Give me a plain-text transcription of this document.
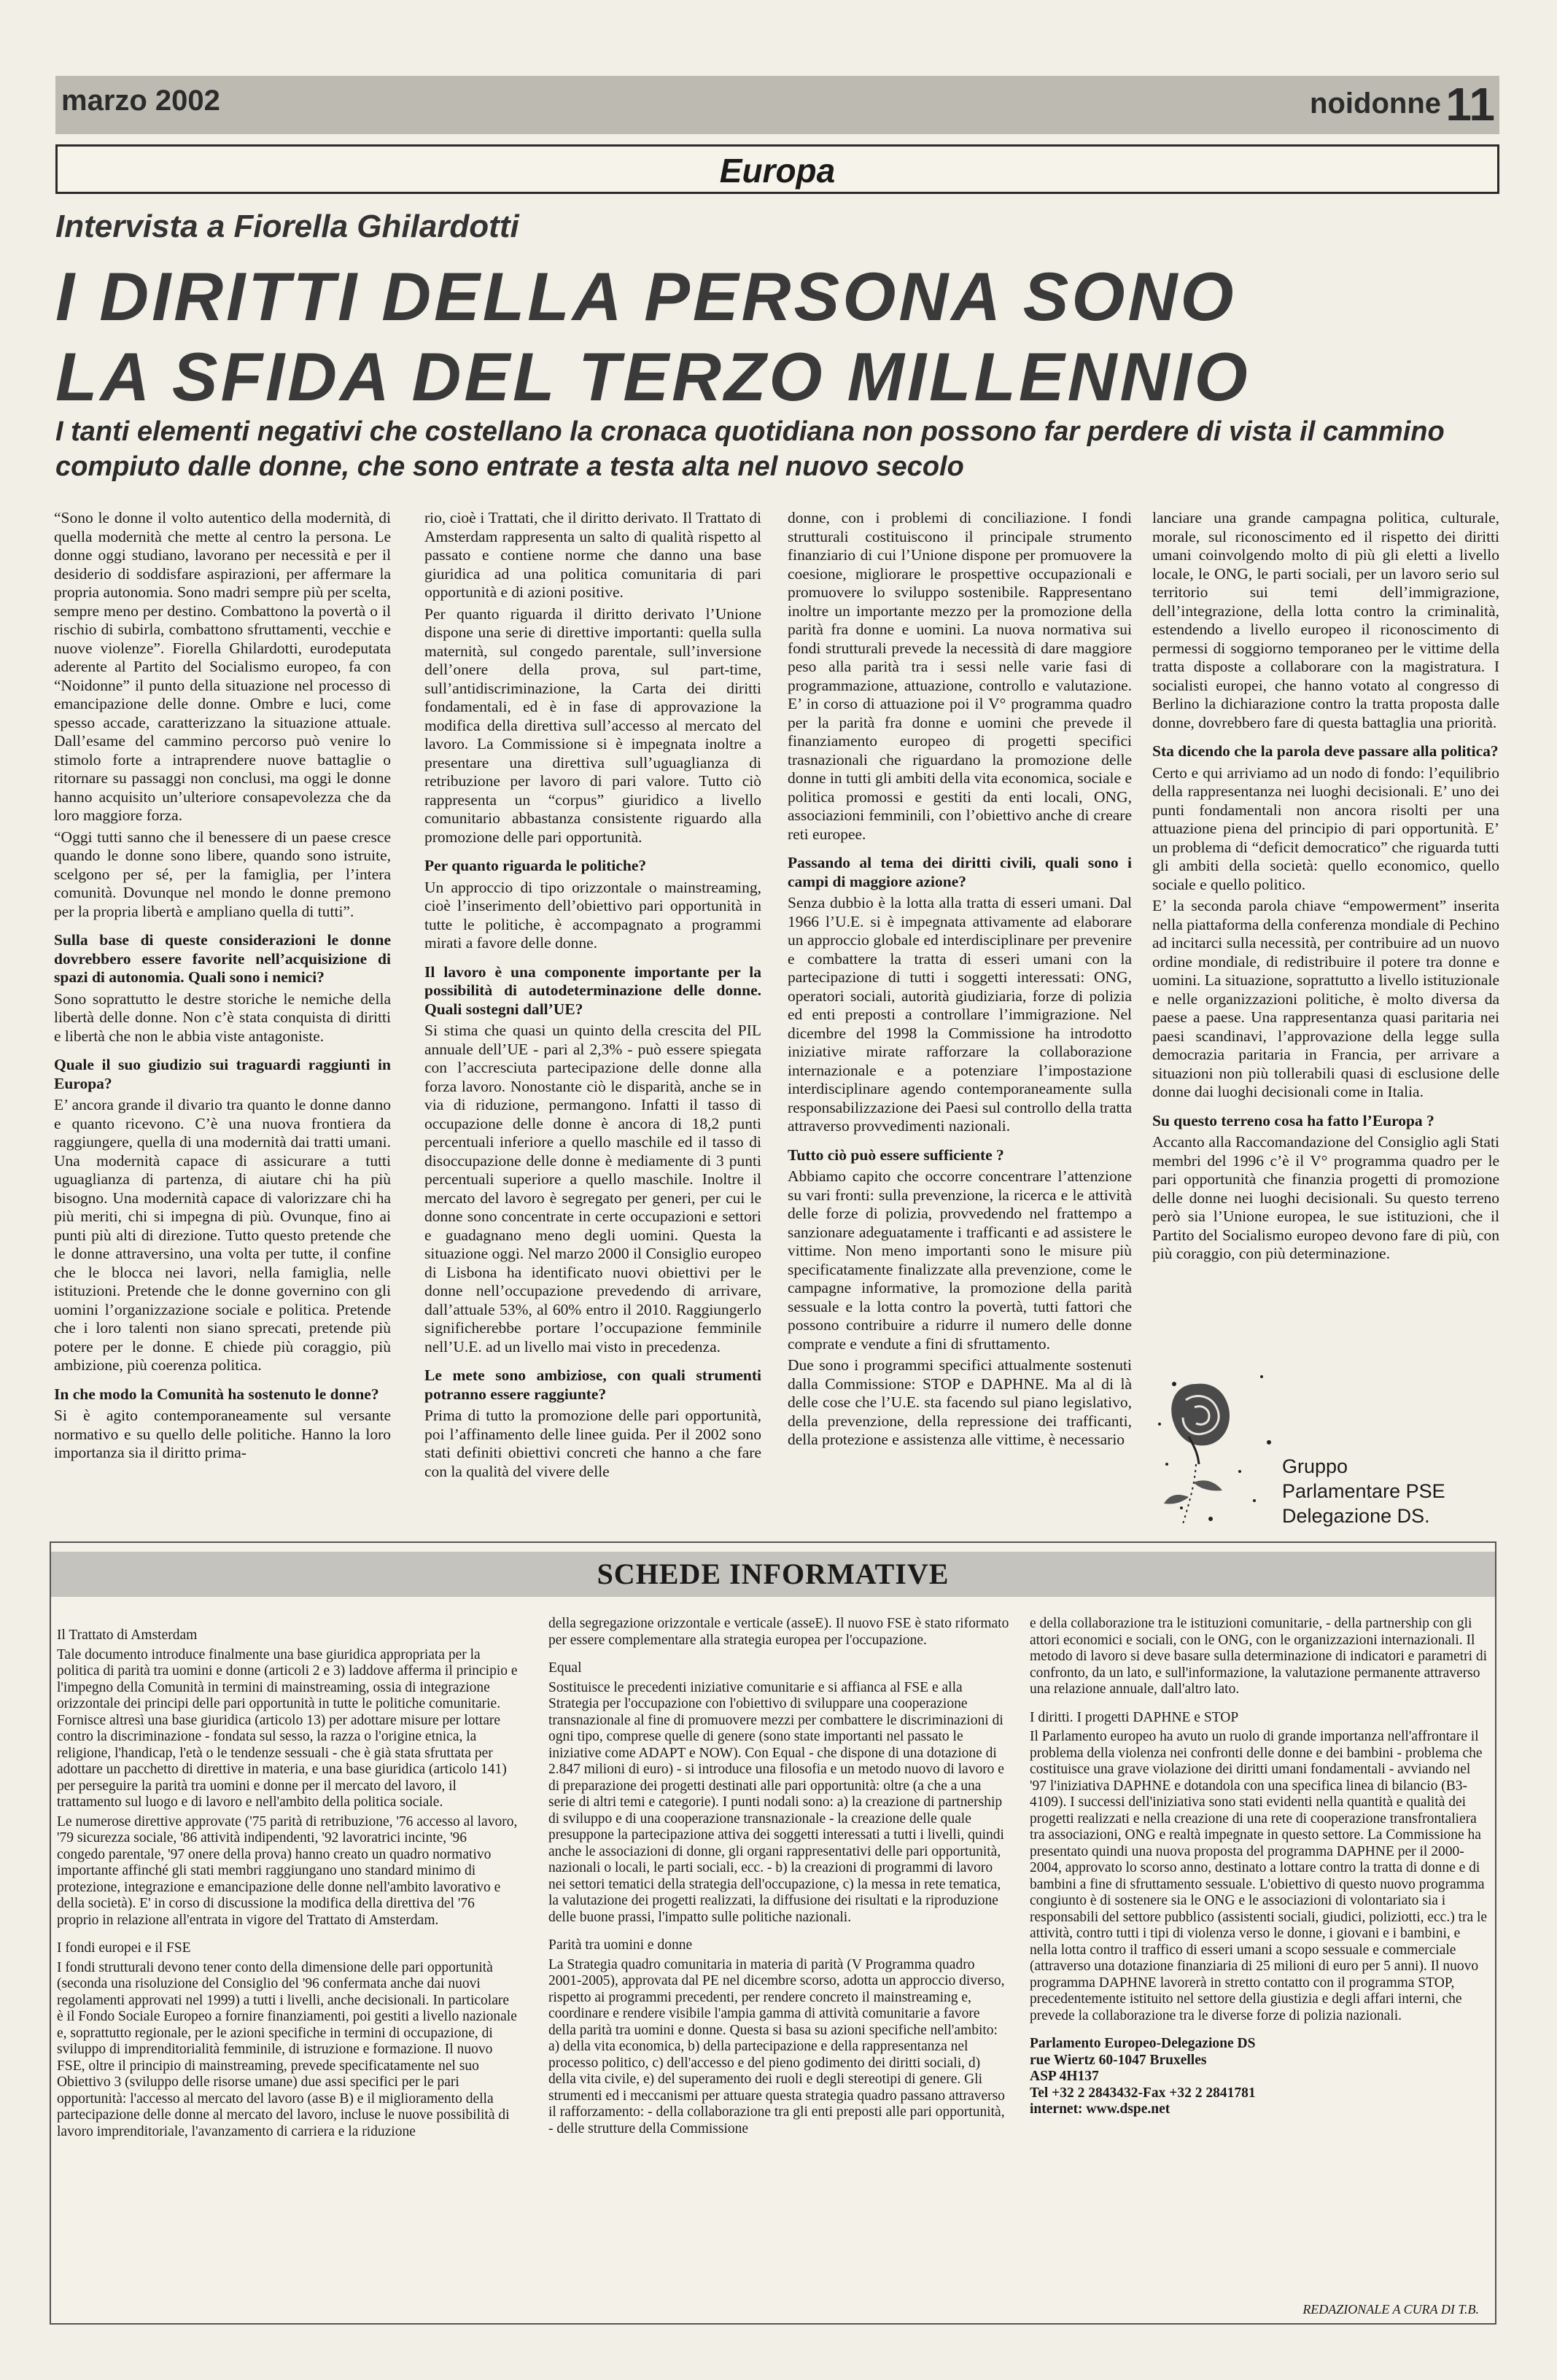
marzo 2002	noidonne 11
Europa
Intervista a Fiorella Ghilardotti
I DIRITTI DELLA PERSONA SONO
LA SFIDA DEL TERZO MILLENNIO
I tanti elementi negativi che costellano la cronaca quotidiana non possono far perdere di vista il cammino compiuto dalle donne, che sono entrate a testa alta nel nuovo secolo

“Sono le donne il volto autentico della modernità, di quella modernità che mette al centro la persona. Le donne oggi studiano, lavorano per necessità e per il desiderio di soddisfare aspirazioni, per affermare la propria autonomia. Sono madri sempre più per scelta, sempre meno per destino. Combattono la povertà o il rischio di subirla, combattono sfruttamenti, vecchie e nuove violenze”. Fiorella Ghilardotti, eurodeputata aderente al Partito del Socialismo europeo, fa con “Noidonne” il punto della situazione nel processo di emancipazione delle donne. Ombre e luci, come spesso accade, caratterizzano la situazione attuale. Dall’esame del cammino percorso può venire lo stimolo forte a intraprendere nuove battaglie o ritornare su passaggi non conclusi, ma oggi le donne hanno acquisito un’ulteriore consapevolezza che da loro maggiore forza.

“Oggi tutti sanno che il benessere di un paese cresce quando le donne sono libere, quando sono istruite, scelgono per sé, per la famiglia, per l’intera comunità. Dovunque nel mondo le donne premono per la propria libertà e ampliano quella di tutti”.

Sulla base di queste considerazioni le donne dovrebbero essere favorite nell’acquisizione di spazi di autonomia. Quali sono i nemici?

Sono soprattutto le destre storiche le nemiche della libertà delle donne. Non c’è stata conquista di diritti e libertà che non le abbia viste antagoniste.

Quale il suo giudizio sui traguardi raggiunti in Europa?

E’ ancora grande il divario tra quanto le donne danno e quanto ricevono. C’è una nuova frontiera da raggiungere, quella di una modernità dai tratti umani. Una modernità capace di assicurare a tutti uguaglianza di partenza, di aiutare chi ha più bisogno. Una modernità capace di valorizzare chi ha più meriti, chi si impegna di più. Ovunque, fino ai punti più alti di direzione. Tutto questo pretende che le donne attraversino, una volta per tutte, il confine che le blocca nei lavori, nella famiglia, nelle istituzioni. Pretende che le donne governino con gli uomini l’organizzazione sociale e politica. Pretende che i loro talenti non siano sprecati, pretende più potere per le donne. E chiede più coraggio, più ambizione, più coerenza politica.

In che modo la Comunità ha sostenuto le donne?

Si è agito contemporaneamente sul versante normativo e su quello delle politiche. Hanno la loro importanza sia il diritto prima-

rio, cioè i Trattati, che il diritto derivato. Il Trattato di Amsterdam rappresenta un salto di qualità rispetto al passato e contiene norme che danno una base giuridica ad una politica comunitaria di pari opportunità e di azioni positive.

Per quanto riguarda il diritto derivato l’Unione dispone una serie di direttive importanti: quella sulla maternità, sul congedo parentale, sull’inversione dell’onere della prova, sul part-time, sull’antidiscriminazione, la Carta dei diritti fondamentali, ed è in fase di approvazione la modifica della direttiva sull’accesso al mercato del lavoro. La Commissione si è impegnata inoltre a presentare una direttiva sull’uguaglianza di retribuzione per lavoro di pari valore. Tutto ciò rappresenta un “corpus” giuridico a livello comunitario abbastanza consistente riguardo alla promozione delle pari opportunità.

Per quanto riguarda le politiche?

Un approccio di tipo orizzontale o mainstreaming, cioè l’inserimento dell’obiettivo pari opportunità in tutte le politiche, è accompagnato a programmi mirati a favore delle donne.

Il lavoro è una componente importante per la possibilità di autodeterminazione delle donne. Quali sostegni dall’UE?

Si stima che quasi un quinto della crescita del PIL annuale dell’UE - pari al 2,3% - può essere spiegata con l’accresciuta partecipazione delle donne alla forza lavoro. Nonostante ciò le disparità, anche se in via di riduzione, permangono. Infatti il tasso di occupazione delle donne è ancora di 18,2 punti percentuali inferiore a quello maschile ed il tasso di disoccupazione delle donne è mediamente di 3 punti percentuali superiore a quello maschile. Inoltre il mercato del lavoro è segregato per generi, per cui le donne sono concentrate in certe occupazioni e settori e guadagnano meno degli uomini. Questa la situazione oggi. Nel marzo 2000 il Consiglio europeo di Lisbona ha identificato nuovi obiettivi per le donne nell’occupazione prevedendo di arrivare, dall’attuale 53%, al 60% entro il 2010. Raggiungerlo significherebbe portare l’occupazione femminile nell’U.E. ad un livello mai visto in precedenza.

Le mete sono ambiziose, con quali strumenti potranno essere raggiunte?

Prima di tutto la promozione delle pari opportunità, poi l’affinamento delle linee guida. Per il 2002 sono stati definiti obiettivi concreti che hanno a che fare con la qualità del vivere delle

donne, con i problemi di conciliazione. I fondi strutturali costituiscono il principale strumento finanziario di cui l’Unione dispone per promuovere la coesione, migliorare le prospettive occupazionali e promuovere lo sviluppo sostenibile. Rappresentano inoltre un importante mezzo per la promozione della parità fra donne e uomini. La nuova normativa sui fondi strutturali prevede la necessità di dare maggiore peso alla parità tra i sessi nelle varie fasi di programmazione, attuazione, controllo e valutazione. E’ in corso di attuazione poi il V° programma quadro per la parità fra donne e uomini che prevede il finanziamento europeo di progetti specifici trasnazionali che riguardano la promozione delle donne in tutti gli ambiti della vita economica, sociale e politica promossi e gestiti da enti locali, ONG, associazioni femminili, con l’obiettivo anche di creare reti europee.

Passando al tema dei diritti civili, quali sono i campi di maggiore azione?

Senza dubbio è la lotta alla tratta di esseri umani. Dal 1966 l’U.E. si è impegnata attivamente ad elaborare un approccio globale ed interdisciplinare per prevenire e combattere la tratta di esseri umani con la partecipazione di tutti i soggetti interessati: ONG, operatori sociali, autorità giudiziaria, forze di polizia ed enti preposti a controllare l’immigrazione. Nel dicembre del 1998 la Commissione ha introdotto iniziative mirate rafforzare la collaborazione internazionale e a potenziare l’impostazione interdisciplinare agendo contemporaneamente sulla responsabilizzazione dei Paesi sul controllo della tratta attraverso provvedimenti nazionali.

Tutto ciò può essere sufficiente ?

Abbiamo capito che occorre concentrare l’attenzione su vari fronti: sulla prevenzione, la ricerca e le attività delle forze di polizia, provvedendo nel frattempo a sanzionare adeguatamente i trafficanti e ad assistere le vittime. Non meno importanti sono le misure più specificatamente finalizzate alla prevenzione, come le campagne informative, la promozione della parità sessuale e la lotta contro la povertà, tutti fattori che possono contribuire a ridurre il numero delle donne comprate e vendute a fini di sfruttamento.

Due sono i programmi specifici attualmente sostenuti dalla Commissione: STOP e DAPHNE. Ma al di là delle cose che l’U.E. sta facendo sul piano legislativo, della prevenzione, della repressione dei trafficanti, della protezione e assistenza alle vittime, è necessario

lanciare una grande campagna politica, culturale, morale, sul riconoscimento ed il rispetto dei diritti umani coinvolgendo molto di più gli eletti a livello locale, le ONG, le parti sociali, per un lavoro serio sul territorio sui temi dell’immigrazione, dell’integrazione, della lotta contro la criminalità, estendendo a livello europeo il riconoscimento di permessi di soggiorno temporaneo per le vittime della tratta disposte a collaborare con la magistratura. I socialisti europei, che hanno votato al congresso di Berlino la dichiarazione contro la tratta proposta dalle donne, dovrebbero fare di questa battaglia una priorità.

Sta dicendo che la parola deve passare alla politica?

Certo e qui arriviamo ad un nodo di fondo: l’equilibrio della rappresentanza nei luoghi decisionali. E’ uno dei punti fondamentali non ancora risolti per una attuazione piena del principio di pari opportunità. E’ un problema di “deficit democratico” che riguarda tutti gli ambiti della società: quello economico, quello sociale e quello politico.

E’ la seconda parola chiave “empowerment” inserita nella piattaforma della conferenza mondiale di Pechino ad incitarci sulla necessità, per contribuire ad un nuovo ordine mondiale, di redistribuire il potere tra donne e uomini. La situazione, soprattutto a livello istituzionale e nelle organizzazioni politiche, è molto diversa da paese a paese. Una rappresentanza quasi paritaria nei paesi scandinavi, l’approvazione della legge sulla democrazia paritaria in Francia, per arrivare a situazioni non più tollerabili quasi di esclusione delle donne dai luoghi decisionali come in Italia.

Su questo terreno cosa ha fatto l’Europa ?

Accanto alla Raccomandazione del Consiglio agli Stati membri del 1996 c’è il V° programma quadro per le pari opportunità che finanzia progetti di promozione delle donne nei luoghi decisionali. Su questo terreno però sia l’Unione europea, le sue istituzioni, che il Partito del Socialismo europeo devono fare di più, con più coraggio, con più determinazione.

Gruppo
Parlamentare PSE
Delegazione DS.
SCHEDE INFORMATIVE

Il Trattato di Amsterdam

Tale documento introduce finalmente una base giuridica appropriata per la politica di parità tra uomini e donne (articoli 2 e 3) laddove afferma il principio e l'impegno della Comunità in termini di mainstreaming, ossia di integrazione orizzontale dei principi delle pari opportunità in tutte le politiche comunitarie. Fornisce altresì una base giuridica (articolo 13) per adottare misure per lottare contro la discriminazione - fondata sul sesso, la razza o l'origine etnica, la religione, l'handicap, l'età o le tendenze sessuali - che è già stata sfruttata per adottare un pacchetto di direttive in materia, e una base giuridica (articolo 141) per perseguire la parità tra uomini e donne per il mercato del lavoro, il trattamento sul luogo e di lavoro e nell'ambito della politica sociale.

Le numerose direttive approvate ('75 parità di retribuzione, '76 accesso al lavoro, '79 sicurezza sociale, '86 attività indipendenti, '92 lavoratrici incinte, '96 congedo parentale, '97 onere della prova) hanno creato un quadro normativo importante affinché gli stati membri raggiungano uno standard minimo di protezione, integrazione e emancipazione delle donne nell'ambito lavorativo e della società). E' in corso di discussione la modifica della direttiva del '76 proprio in relazione all'entrata in vigore del Trattato di Amsterdam.

I fondi europei e il FSE

I fondi strutturali devono tener conto della dimensione delle pari opportunità (seconda una risoluzione del Consiglio del '96 confermata anche dai nuovi regolamenti approvati nel 1999) a tutti i livelli, anche decisionali. In particolare è il Fondo Sociale Europeo a fornire finanziamenti, poi gestiti a livello nazionale e, soprattutto regionale, per le azioni specifiche in termini di occupazione, di sviluppo di imprenditorialità femminile, di istruzione e formazione. Il nuovo FSE, oltre il principio di mainstreaming, prevede specificatamente nel suo Obiettivo 3 (sviluppo delle risorse umane) due assi specifici per le pari opportunità: l'accesso al mercato del lavoro (asse B) e il miglioramento della partecipazione delle donne al mercato del lavoro, incluse le nuove possibilità di lavoro imprenditoriale, l'avanzamento di carriera e la riduzione

della segregazione orizzontale e verticale (asseE). Il nuovo FSE è stato riformato per essere complementare alla strategia europea per l'occupazione.

Equal

Sostituisce le precedenti iniziative comunitarie e si affianca al FSE e alla Strategia per l'occupazione con l'obiettivo di sviluppare una cooperazione transnazionale al fine di promuovere mezzi per combattere le discriminazioni di ogni tipo, comprese quelle di genere (sono state importanti nel passato le iniziative come ADAPT e NOW). Con Equal - che dispone di una dotazione di 2.847 milioni di euro) - si introduce una filosofia e un metodo nuovo di lavoro e di preparazione dei progetti destinati alle pari opportunità: oltre (a che a una serie di altri temi e categorie). I punti nodali sono: a) la creazione di partnership di sviluppo e di una cooperazione transnazionale - la creazione delle quale presuppone la partecipazione attiva dei soggetti interessati a tutti i livelli, quindi anche le associazioni di donne, gli organi rappresentativi delle pari opportunità, nazionali o locali, le parti sociali, ecc. - b) la creazioni di programmi di lavoro nei settori tematici della strategia dell'occupazione, c) la messa in rete tematica, la valutazione dei progetti realizzati, la diffusione dei risultati e la riproduzione delle buone prassi, l'impatto sulle politiche nazionali.

Parità tra uomini e donne

La Strategia quadro comunitaria in materia di parità (V Programma quadro 2001-2005), approvata dal PE nel dicembre scorso, adotta un approccio diverso, rispetto ai programmi precedenti, per rendere concreto il mainstreaming e, coordinare e rendere visibile l'ampia gamma di attività comunitarie a favore della parità tra uomini e donne. Questa si basa su azioni specifiche nell'ambito: a) della vita economica, b) della partecipazione e della rappresentanza nel processo politico, c) dell'accesso e del pieno godimento dei diritti sociali, d) della vita civile, e) del superamento dei ruoli e degli stereotipi di genere. Gli strumenti ed i meccanismi per attuare questa strategia quadro passano attraverso il rafforzamento: - della collaborazione tra gli enti preposti alle pari opportunità, - delle strutture della Commissione

e della collaborazione tra le istituzioni comunitarie, - della partnership con gli attori economici e sociali, con le ONG, con le organizzazioni internazionali. Il metodo di lavoro si deve basare sulla determinazione di indicatori e parametri di confronto, da un lato, e sull'informazione, la valutazione permanente attraverso una relazione annuale, dall'altro lato.

I diritti. I progetti DAPHNE e STOP

Il Parlamento europeo ha avuto un ruolo di grande importanza nell'affrontare il problema della violenza nei confronti delle donne e dei bambini - problema che costituisce una grave violazione dei diritti umani fondamentali - avviando nel '97 l'iniziativa DAPHNE e dotandola con una specifica linea di bilancio (B3-4109). I successi dell'iniziativa sono stati evidenti nella quantità e qualità dei progetti realizzati e nella creazione di una rete di cooperazione transfrontaliera tra associazioni, ONG e realtà impegnate in questo settore. La Commissione ha presentato quindi una nuova proposta del programma DAPHNE per il 2000-2004, approvato lo scorso anno, destinato a lottare contro la tratta di donne e di bambini a fine di sfruttamento sessuale. L'obiettivo di questo nuovo programma congiunto è di sostenere sia le ONG e le associazioni di volontariato sia i responsabili del settore pubblico (assistenti sociali, giudici, poliziotti, ecc.) tra le attività, contro tutti i tipi di violenza verso le donne, i giovani e i bambini, e nella lotta contro il traffico di esseri umani a scopo sessuale e commerciale (attraverso una dotazione finanziaria di 25 milioni di euro per 5 anni). Il nuovo programma DAPHNE lavorerà in stretto contatto con il programma STOP, precedentemente istituito nel settore della giustizia e degli affari interni, che prevede la collaborazione tra le diverse forze di polizia nazionali.

Parlamento Europeo-Delegazione DS
rue Wiertz 60-1047 Bruxelles
ASP 4H137
Tel +32 2 2843432-Fax +32 2 2841781
internet: www.dspe.net
REDAZIONALE A CURA DI T.B.
